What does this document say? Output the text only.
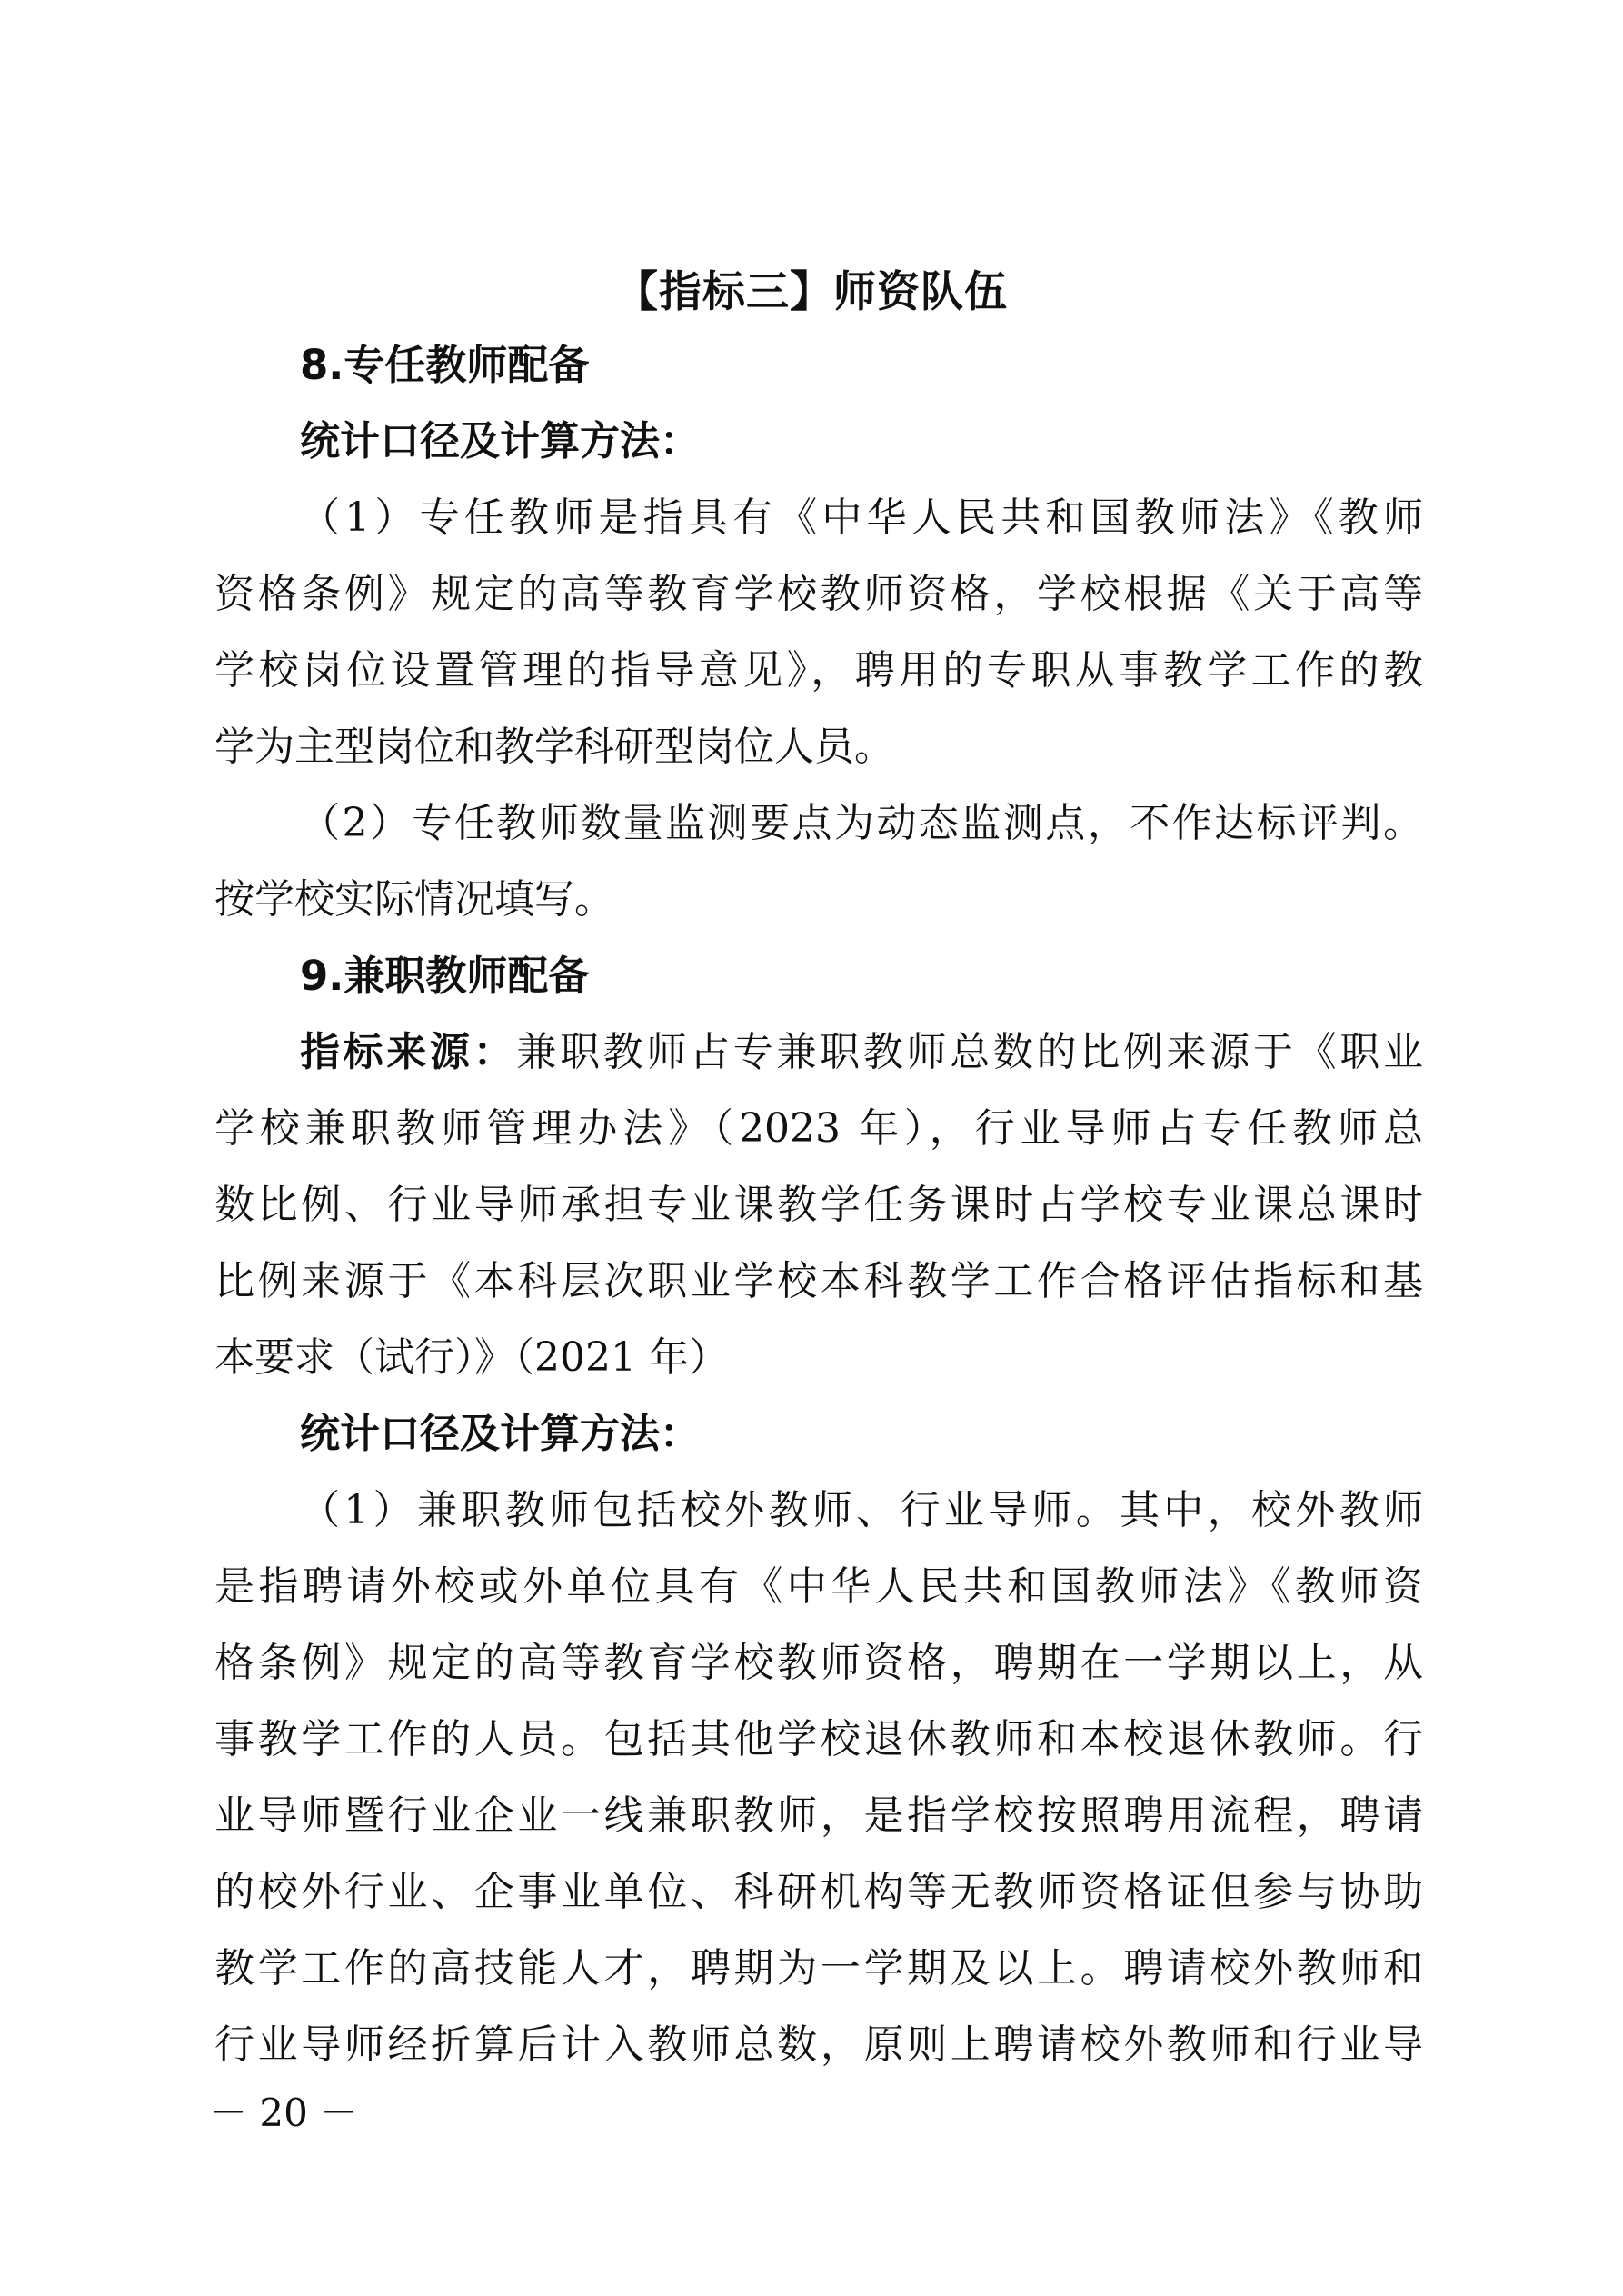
【指标三】师资队伍
8.专任教师配备
统计口径及计算方法：
（1）专任教师是指具有《中华人民共和国教师法》《教师
资格条例》规定的高等教育学校教师资格，学校根据《关于高等
学校岗位设置管理的指导意见》，聘用的专职从事教学工作的教
学为主型岗位和教学科研型岗位人员。
（2）专任教师数量监测要点为动态监测点，不作达标评判。
按学校实际情况填写。
9.兼职教师配备
指标来源：兼职教师占专兼职教师总数的比例来源于《职业
学校兼职教师管理办法》（2023 年），行业导师占专任教师总
数比例、行业导师承担专业课教学任务课时占学校专业课总课时
比例来源于《本科层次职业学校本科教学工作合格评估指标和基
本要求（试行）》（2021 年）
统计口径及计算方法：
（1）兼职教师包括校外教师、行业导师。其中，校外教师
是指聘请外校或外单位具有《中华人民共和国教师法》《教师资
格条例》规定的高等教育学校教师资格，聘期在一学期以上，从
事教学工作的人员。包括其他学校退休教师和本校退休教师。行
业导师暨行业企业一线兼职教师，是指学校按照聘用流程，聘请
的校外行业、企事业单位、科研机构等无教师资格证但参与协助
教学工作的高技能人才，聘期为一学期及以上。聘请校外教师和
行业导师经折算后计入教师总数，原则上聘请校外教师和行业导
－ 20 －
